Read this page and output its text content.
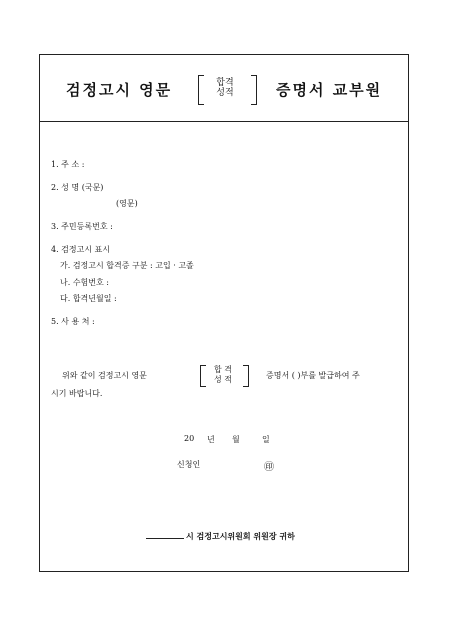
검정고시 영문	합격
성적	증명서 교부원
1. 주 소 :
2. 성 명 (국문)
(영문)
3. 주민등록번호 :
4. 검정고시 표시
가. 검정고시 합격증 구분 : 고입 · 고졸
나. 수험번호 :
다. 합격년월일 :
5. 사 용 처 :
위와 같이 검정고시 영문
합 격
성 적	증명서 ( )부를 발급하여 주
시기 바랍니다.
20 년 월	일
신청인	㊞
시 검정고시위원회 위원장 귀하
